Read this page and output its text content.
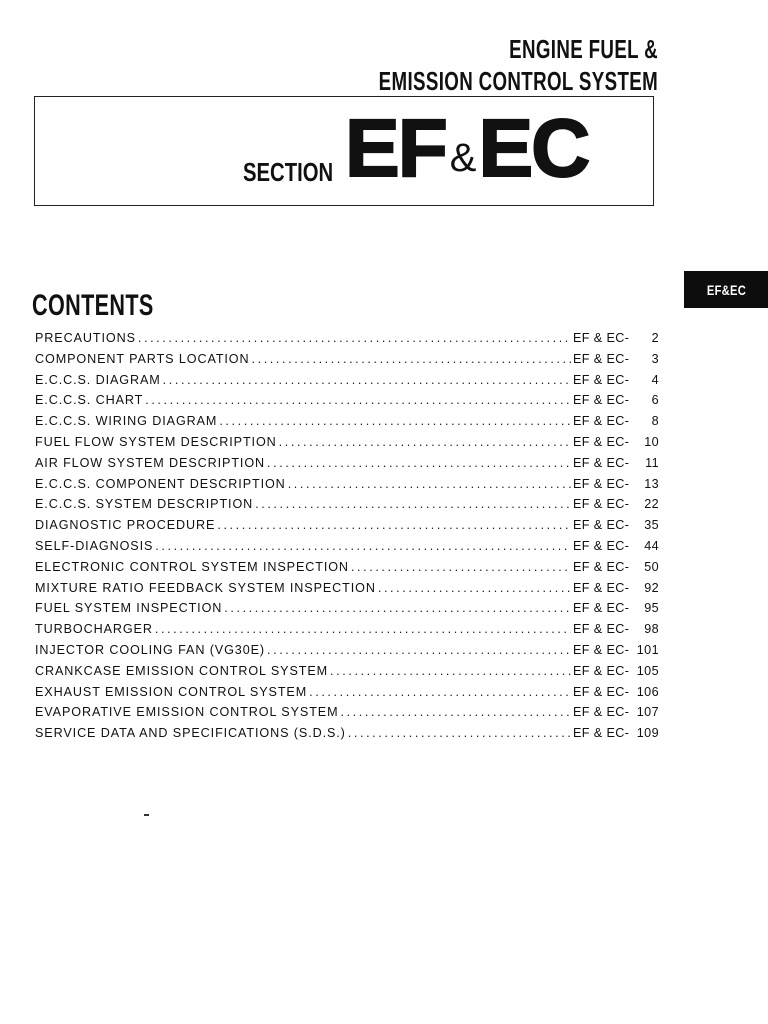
ENGINE FUEL &
EMISSION CONTROL SYSTEM
SECTION EF &EC
EF&EC
CONTENTS
PRECAUTIONS .....	EF & EC-	2
COMPONENT PARTS LOCATION .....	EF & EC-	3
E.C.C.S. DIAGRAM .....	EF & EC-	4
E.C.C.S. CHART .....	EF & EC-	6
E.C.C.S. WIRING DIAGRAM .....	EF & EC-	8
FUEL FLOW SYSTEM DESCRIPTION .....	EF & EC-	10
AIR FLOW SYSTEM DESCRIPTION .....	EF & EC-	11
E.C.C.S. COMPONENT DESCRIPTION .....	EF & EC-	13
E.C.C.S. SYSTEM DESCRIPTION .....	EF & EC-	22
DIAGNOSTIC PROCEDURE .....	EF & EC-	35
SELF-DIAGNOSIS .....	EF & EC-	44
ELECTRONIC CONTROL SYSTEM INSPECTION .....	EF & EC-	50
MIXTURE RATIO FEEDBACK SYSTEM INSPECTION .....	EF & EC-	92
FUEL SYSTEM INSPECTION .....	EF & EC-	95
TURBOCHARGER .....	EF & EC-	98
INJECTOR COOLING FAN (VG30E) .....	EF & EC- 101
CRANKCASE EMISSION CONTROL SYSTEM .....	EF & EC- 105
EXHAUST EMISSION CONTROL SYSTEM .....	EF & EC- 106
EVAPORATIVE EMISSION CONTROL SYSTEM .....	EF & EC- 107
SERVICE DATA AND SPECIFICATIONS (S.D.S.) .....	EF & EC- 109
